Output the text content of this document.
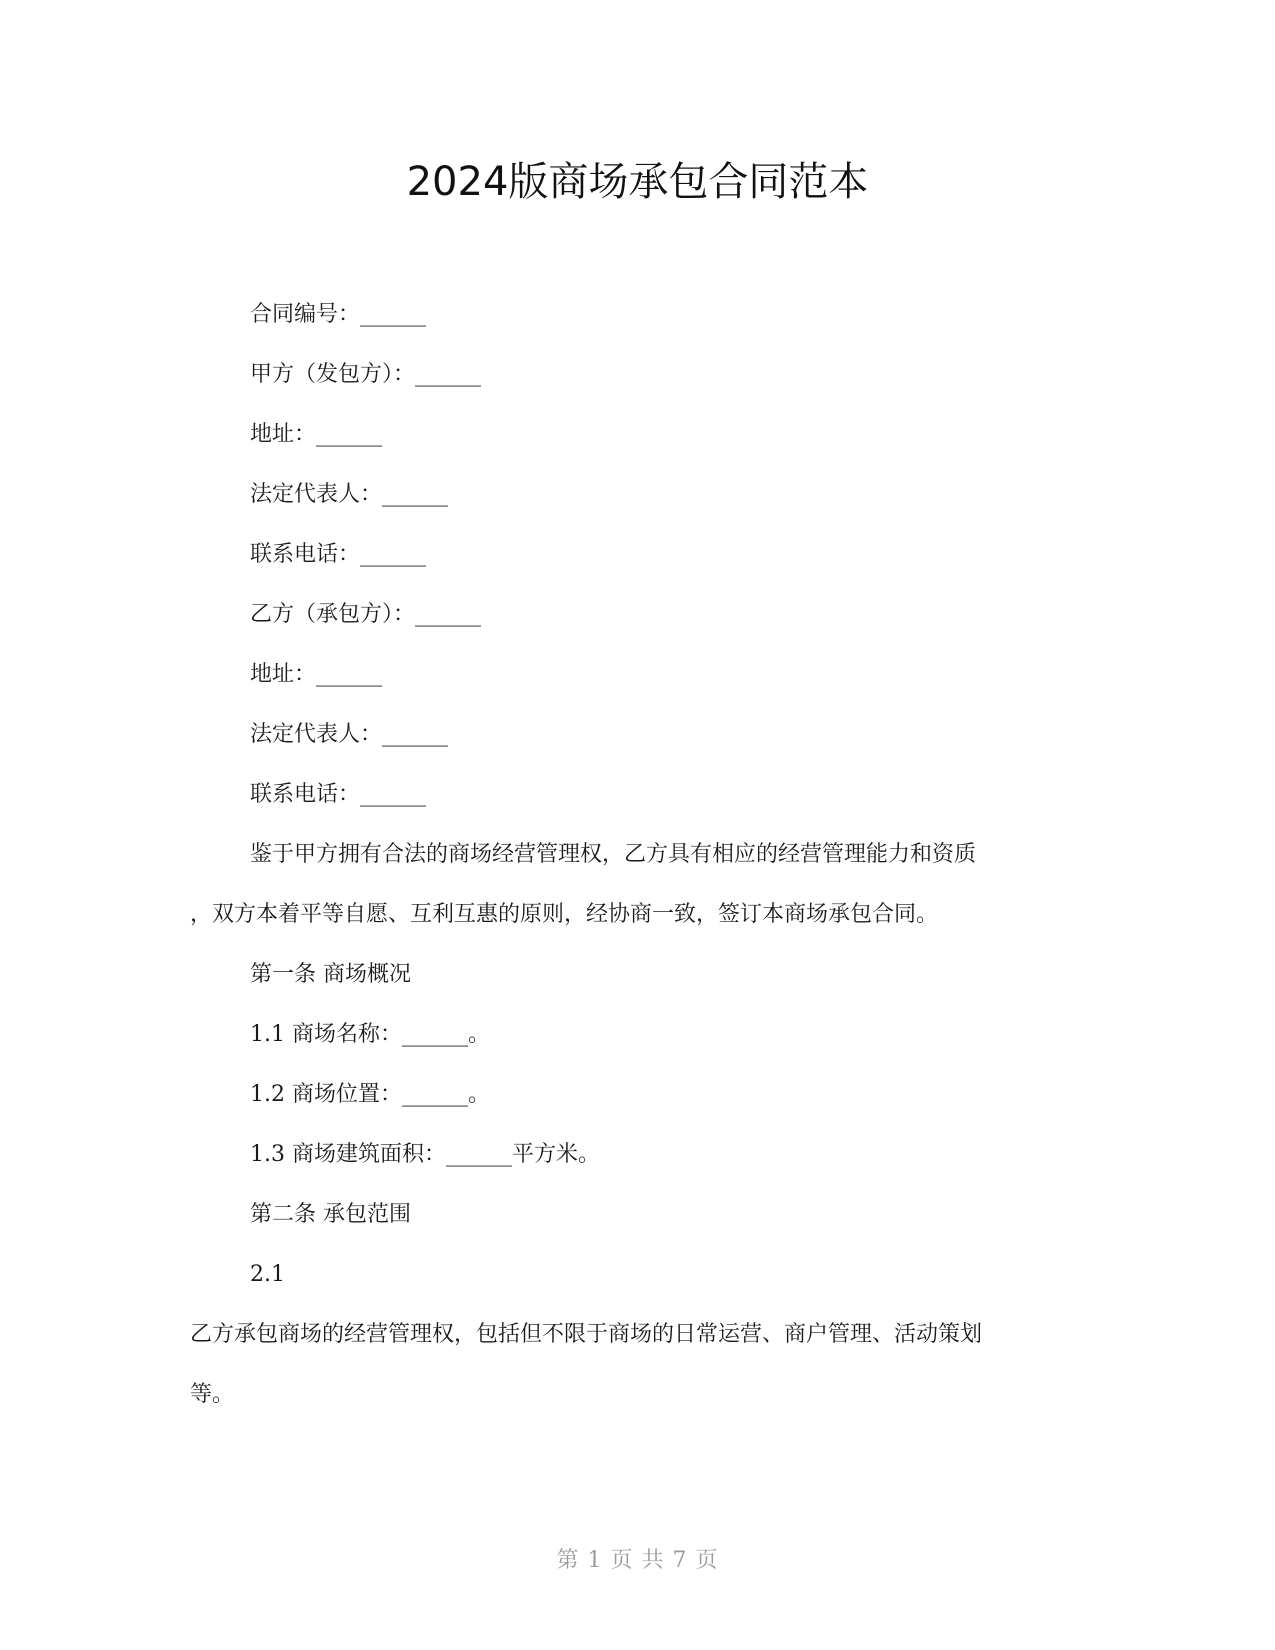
2024版商场承包合同范本
合同编号：______
甲方（发包方）：______
地址：______
法定代表人：______
联系电话：______
乙方（承包方）：______
地址：______
法定代表人：______
联系电话：______
鉴于甲方拥有合法的商场经营管理权，乙方具有相应的经营管理能力和资质
，双方本着平等自愿、互利互惠的原则，经协商一致，签订本商场承包合同。
第一条 商场概况
1.1 商场名称：______。
1.2 商场位置：______。
1.3 商场建筑面积：______平方米。
第二条 承包范围
2.1
乙方承包商场的经营管理权，包括但不限于商场的日常运营、商户管理、活动策划
等。
第 1 页 共 7 页
